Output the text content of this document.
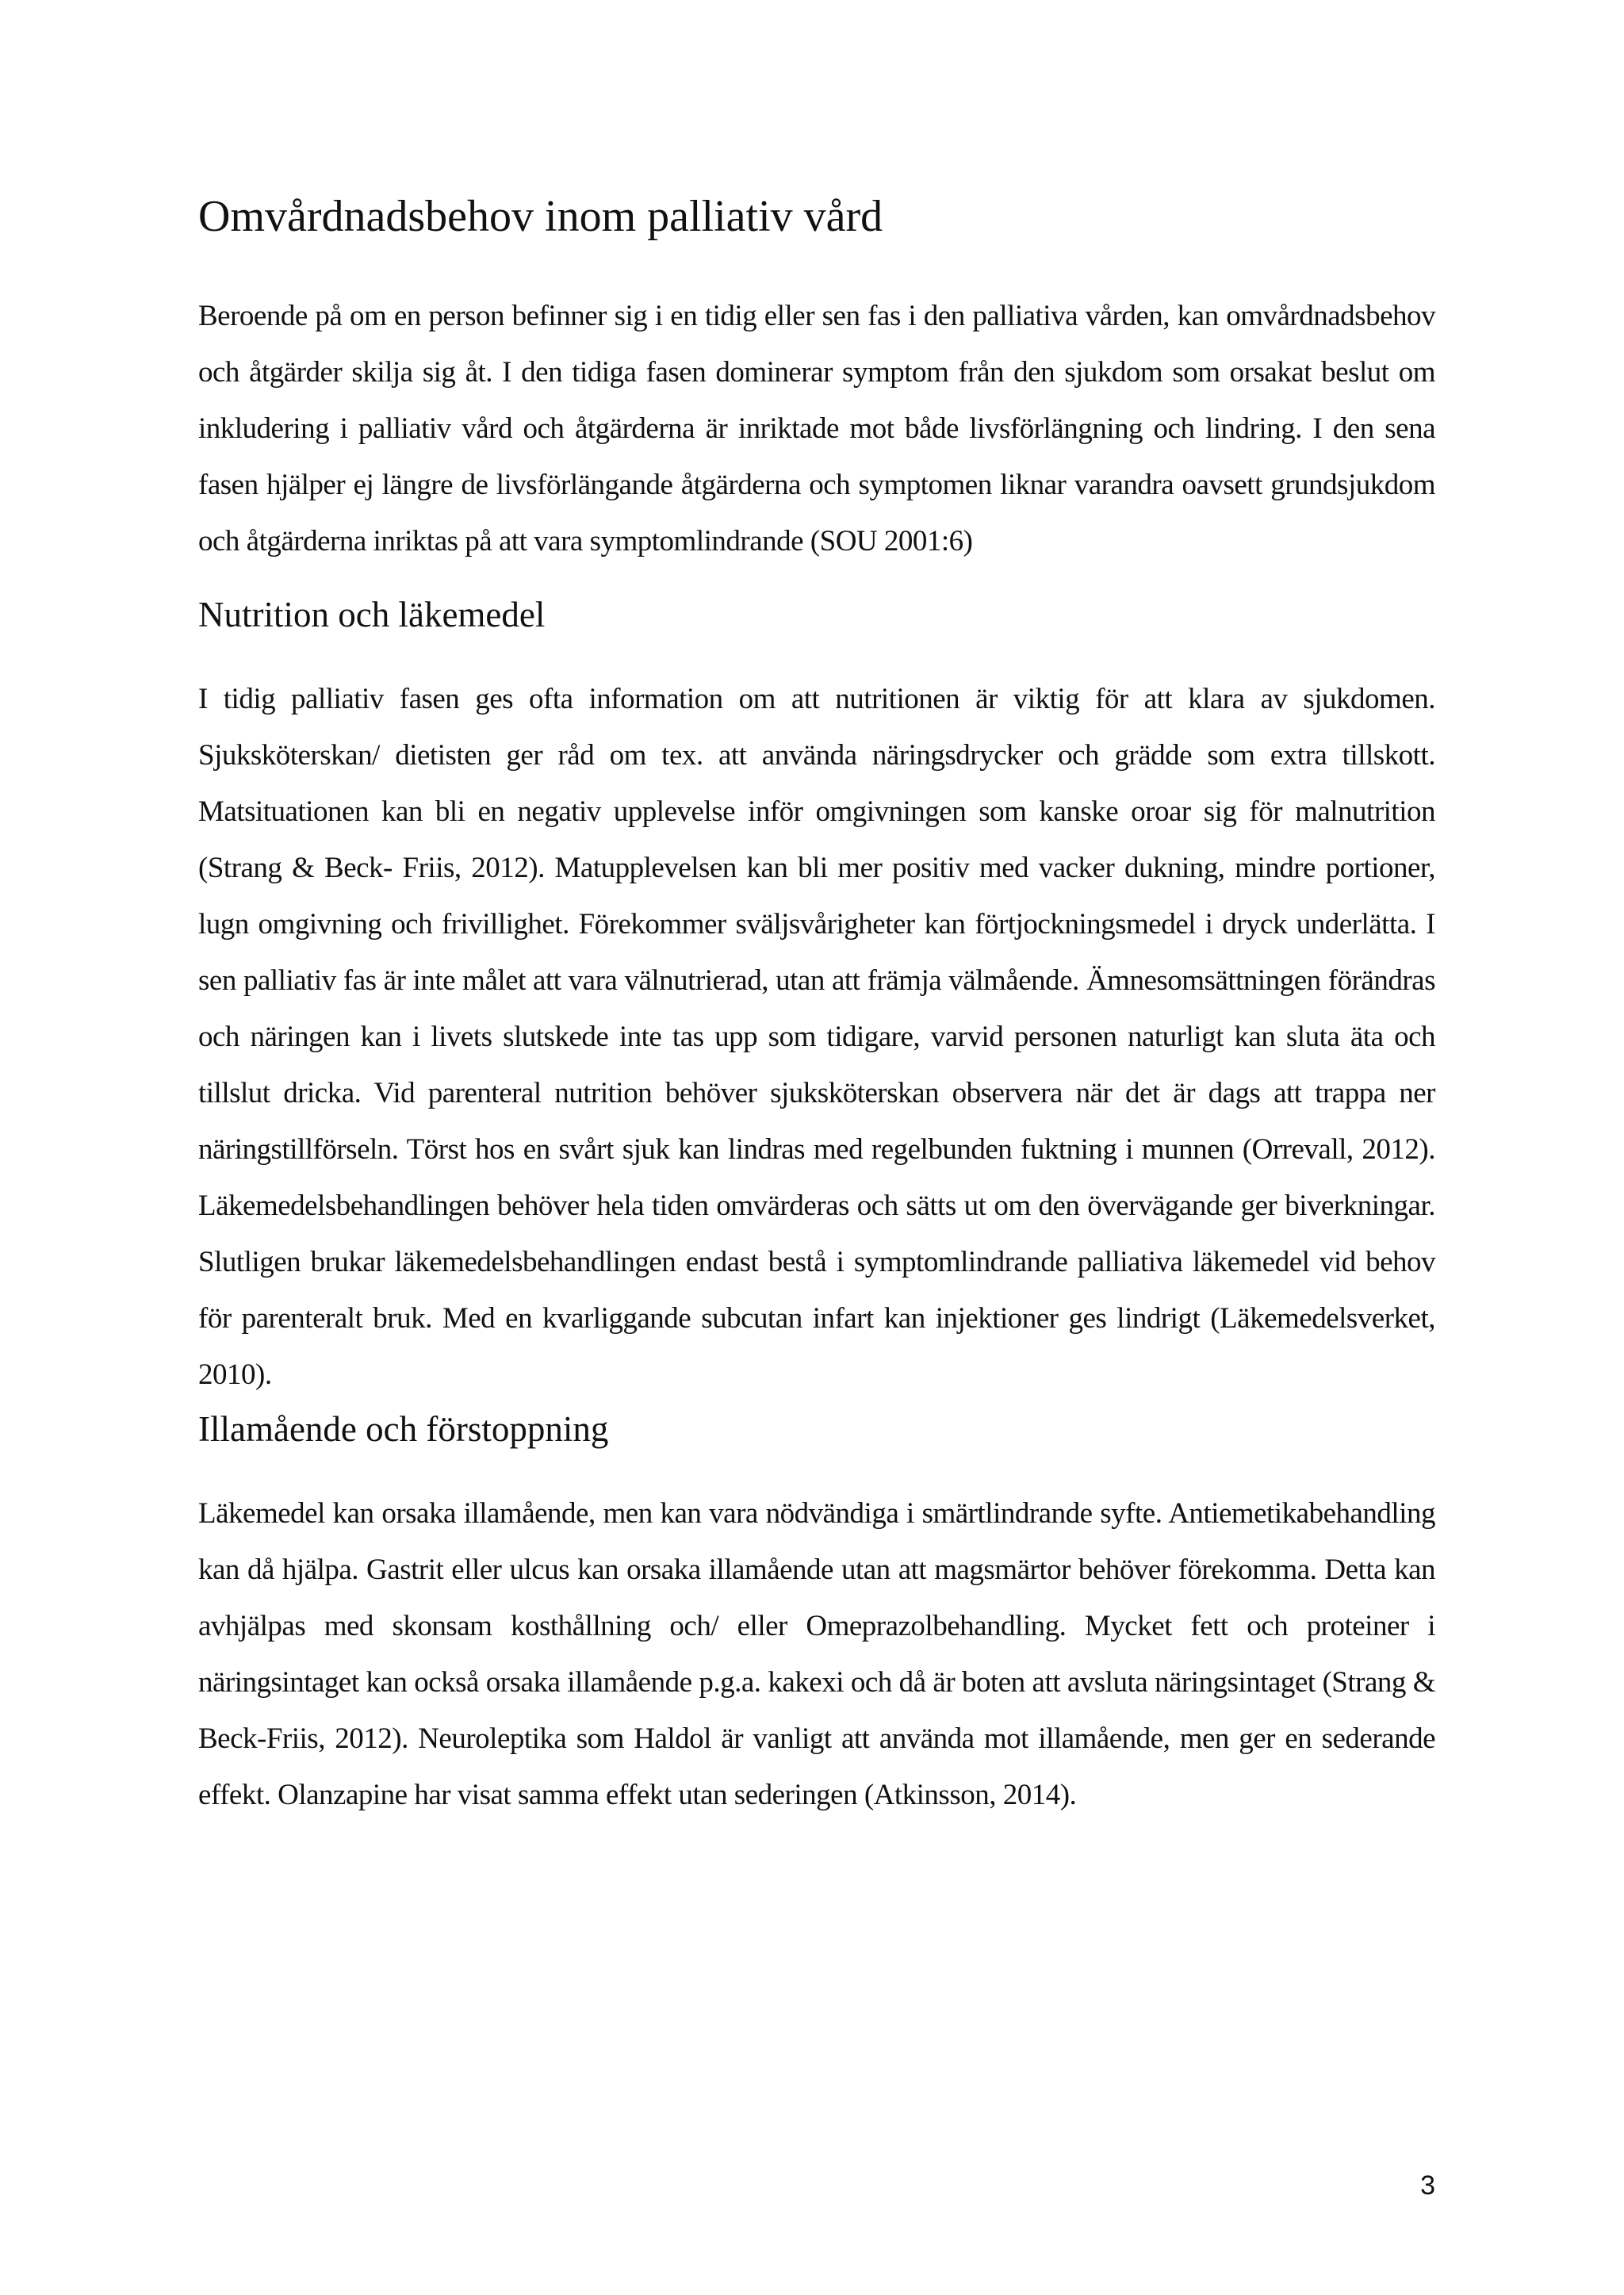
Omvårdnadsbehov inom palliativ vård

Beroende på om en person befinner sig i en tidig eller sen fas i den palliativa vården, kan omvårdnadsbehov och åtgärder skilja sig åt. I den tidiga fasen dominerar symptom från den sjukdom som orsakat beslut om inkludering i palliativ vård och åtgärderna är inriktade mot både livsförlängning och lindring. I den sena fasen hjälper ej längre de livsförlängande åtgärderna och symptomen liknar varandra oavsett grundsjukdom och åtgärderna inriktas på att vara symptomlindrande (SOU 2001:6)

Nutrition och läkemedel

I tidig palliativ fasen ges ofta information om att nutritionen är viktig för att klara av sjukdomen. Sjuksköterskan/ dietisten ger råd om tex. att använda näringsdrycker och grädde som extra tillskott. Matsituationen kan bli en negativ upplevelse inför omgivningen som kanske oroar sig för malnutrition (Strang & Beck- Friis, 2012). Matupplevelsen kan bli mer positiv med vacker dukning, mindre portioner, lugn omgivning och frivillighet. Förekommer sväljsvårigheter kan förtjockningsmedel i dryck underlätta. I sen palliativ fas är inte målet att vara välnutrierad, utan att främja välmående. Ämnesomsättningen förändras och näringen kan i livets slutskede inte tas upp som tidigare, varvid personen naturligt kan sluta äta och tillslut dricka. Vid parenteral nutrition behöver sjuksköterskan observera när det är dags att trappa ner näringstillförseln. Törst hos en svårt sjuk kan lindras med regelbunden fuktning i munnen (Orrevall, 2012). Läkemedelsbehandlingen behöver hela tiden omvärderas och sätts ut om den övervägande ger biverkningar. Slutligen brukar läkemedelsbehandlingen endast bestå i symptomlindrande palliativa läkemedel vid behov för parenteralt bruk. Med en kvarliggande subcutan infart kan injektioner ges lindrigt (Läkemedelsverket, 2010).

Illamående och förstoppning

Läkemedel kan orsaka illamående, men kan vara nödvändiga i smärtlindrande syfte. Antiemetikabehandling kan då hjälpa. Gastrit eller ulcus kan orsaka illamående utan att magsmärtor behöver förekomma. Detta kan avhjälpas med skonsam kosthållning och/ eller Omeprazolbehandling. Mycket fett och proteiner i näringsintaget kan också orsaka illamående p.g.a. kakexi och då är boten att avsluta näringsintaget (Strang & Beck-Friis, 2012). Neuroleptika som Haldol är vanligt att använda mot illamående, men ger en sederande effekt. Olanzapine har visat samma effekt utan sederingen (Atkinsson, 2014).

3
